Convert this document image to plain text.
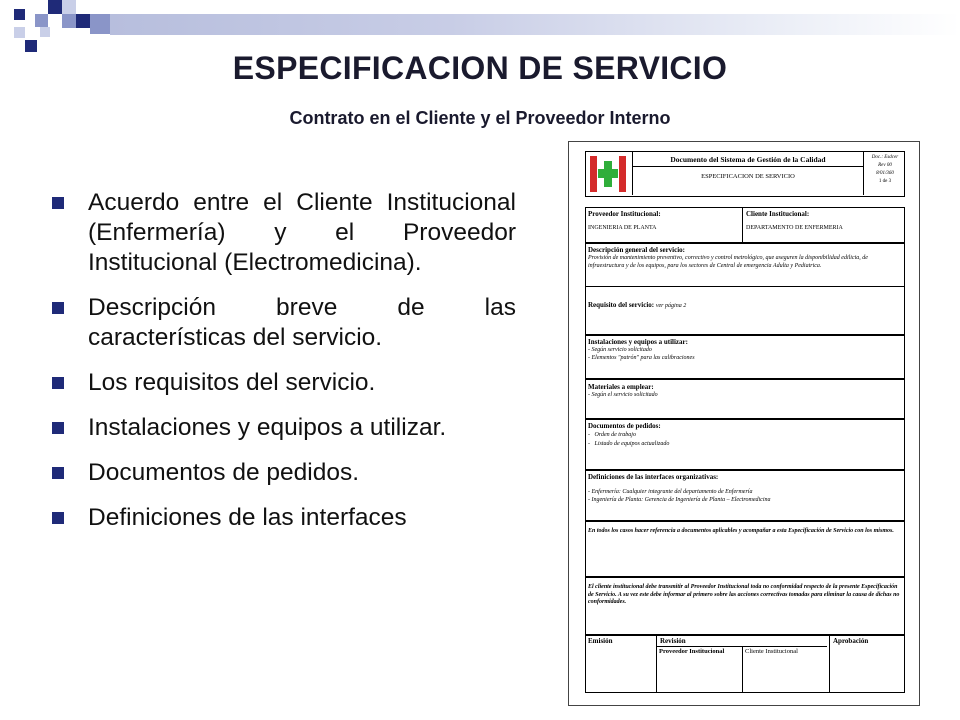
ESPECIFICACION DE SERVICIO
Contrato en el Cliente y el Proveedor Interno
Acuerdo entre el Cliente Institucional (Enfermería) y el Proveedor Institucional (Electromedicina).
Descripción breve de las características del servicio.
Los requisitos del servicio.
Instalaciones y equipos a utilizar.
Documentos de pedidos.
Definiciones de las interfaces
Documento del Sistema de Gestión de la Calidad
ESPECIFICACION DE SERVICIO
Doc.: Esdcer
Rev 00
8/01/360
1 de 3
Proveedor Institucional:
INGENIERIA DE PLANTA
Cliente Institucional:
DEPARTAMENTO DE ENFERMERIA
Descripción general del servicio:
Provisión de mantenimiento preventivo, correctivo y control metrológico, que aseguren la disponibilidad edilicia, de infraestructura y de los equipos, para los sectores de Central de emergencia Adulta y Pediatrica.
Requisito del servicio: ver página 2
Instalaciones y equipos a utilizar:
- Según servicio solicitado
- Elementos "patrón" para las calibraciones
Materiales a emplear:
- Según el servicio solicitado
Documentos de pedidos:
-   Orden de trabajo
-   Listado de equipos actualizado
Definiciones de las interfaces organizativas:
- Enfermería: Cualquier integrante del departamento de Enfermería
- Ingeniería de Planta: Gerencia de Ingeniería de Planta – Electromedicina
En todos los casos hacer referencia a documentos aplicables y acompañar a esta Especificación de Servicio con los mismos.
El cliente institucional debe transmitir al Proveedor Institucional toda no conformidad respecto de la presente Especificación de Servicio. A su vez este debe informar al primero sobre las acciones correctivas tomadas para eliminar la causa de dichas no conformidades.
Emisión	Revisión	Aprobación
Proveedor Institucional	Cliente Institucional
